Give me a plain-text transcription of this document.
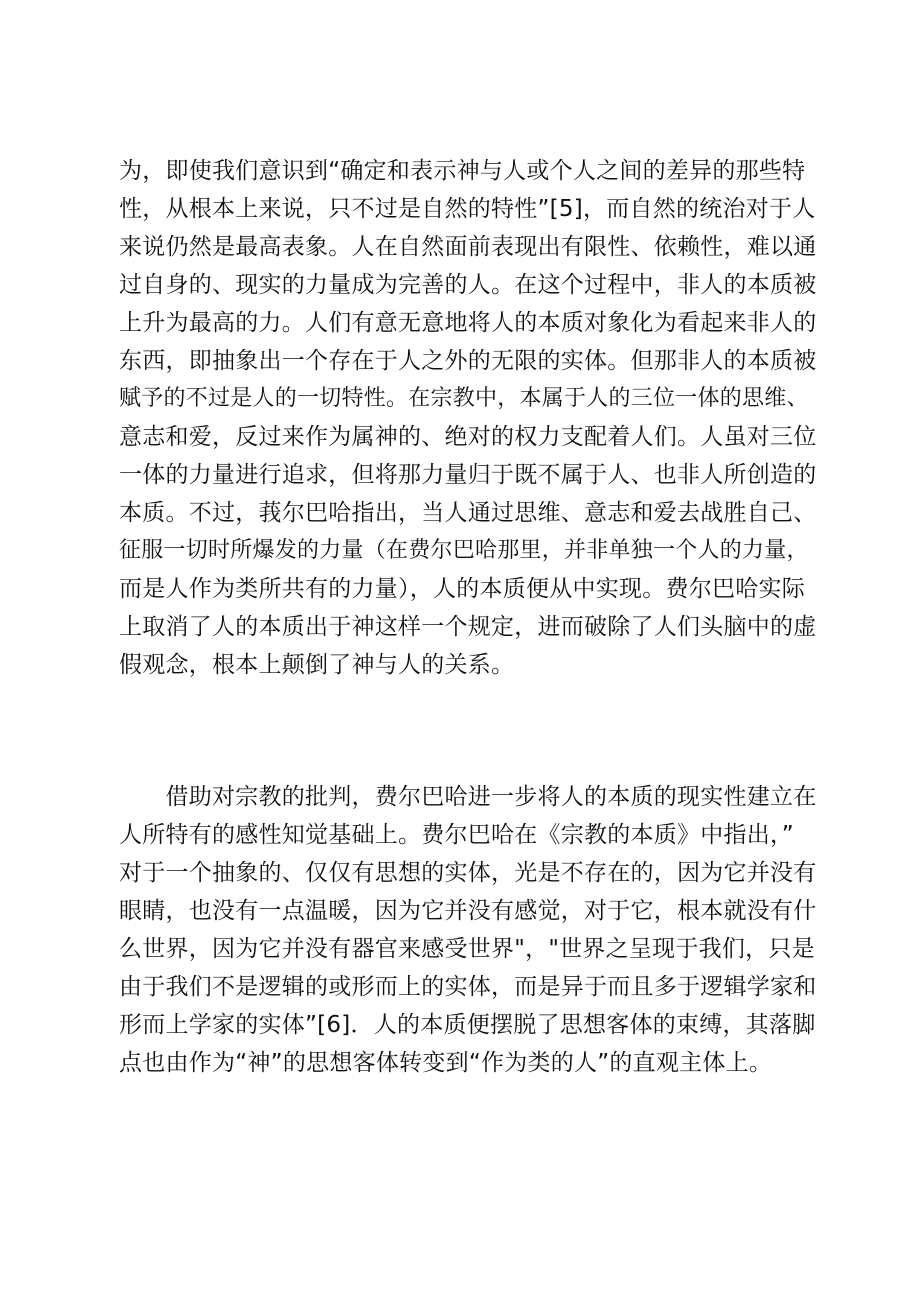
为，即使我们意识到“确定和表示神与人或个人之间的差异的那些特
性，从根本上来说，只不过是自然的特性”[5]，而自然的统治对于人
来说仍然是最高表象。人在自然面前表现出有限性、依赖性，难以通
过自身的、现实的力量成为完善的人。在这个过程中，非人的本质被
上升为最高的力。人们有意无意地将人的本质对象化为看起来非人的
东西，即抽象出一个存在于人之外的无限的实体。但那非人的本质被
赋予的不过是人的一切特性。在宗教中，本属于人的三位一体的思维、
意志和爱，反过来作为属神的、绝对的权力支配着人们。人虽对三位
一体的力量进行追求，但将那力量归于既不属于人、也非人所创造的
本质。不过，莪尔巴哈指出，当人通过思维、意志和爱去战胜自己、
征服一切时所爆发的力量（在费尔巴哈那里，并非单独一个人的力量，
而是人作为类所共有的力量），人的本质便从中实现。费尔巴哈实际
上取消了人的本质出于神这样一个规定，进而破除了人们头脑中的虚
假观念，根本上颠倒了神与人的关系。
　　借助对宗教的批判，费尔巴哈进一步将人的本质的现实性建立在
人所特有的感性知觉基础上。费尔巴哈在《宗教的本质》中指出，”
对于一个抽象的、仅仅有思想的实体，光是不存在的，因为它并没有
眼睛，也没有一点温暖，因为它并没有感觉，对于它，根本就没有什
么世界，因为它并没有器官来感受世界"，"世界之呈现于我们，只是
由于我们不是逻辑的或形而上的实体，而是异于而且多于逻辑学家和
形而上学家的实体”[6]．人的本质便摆脱了思想客体的束缚，其落脚
点也由作为“神”的思想客体转变到“作为类的人”的直观主体上。
